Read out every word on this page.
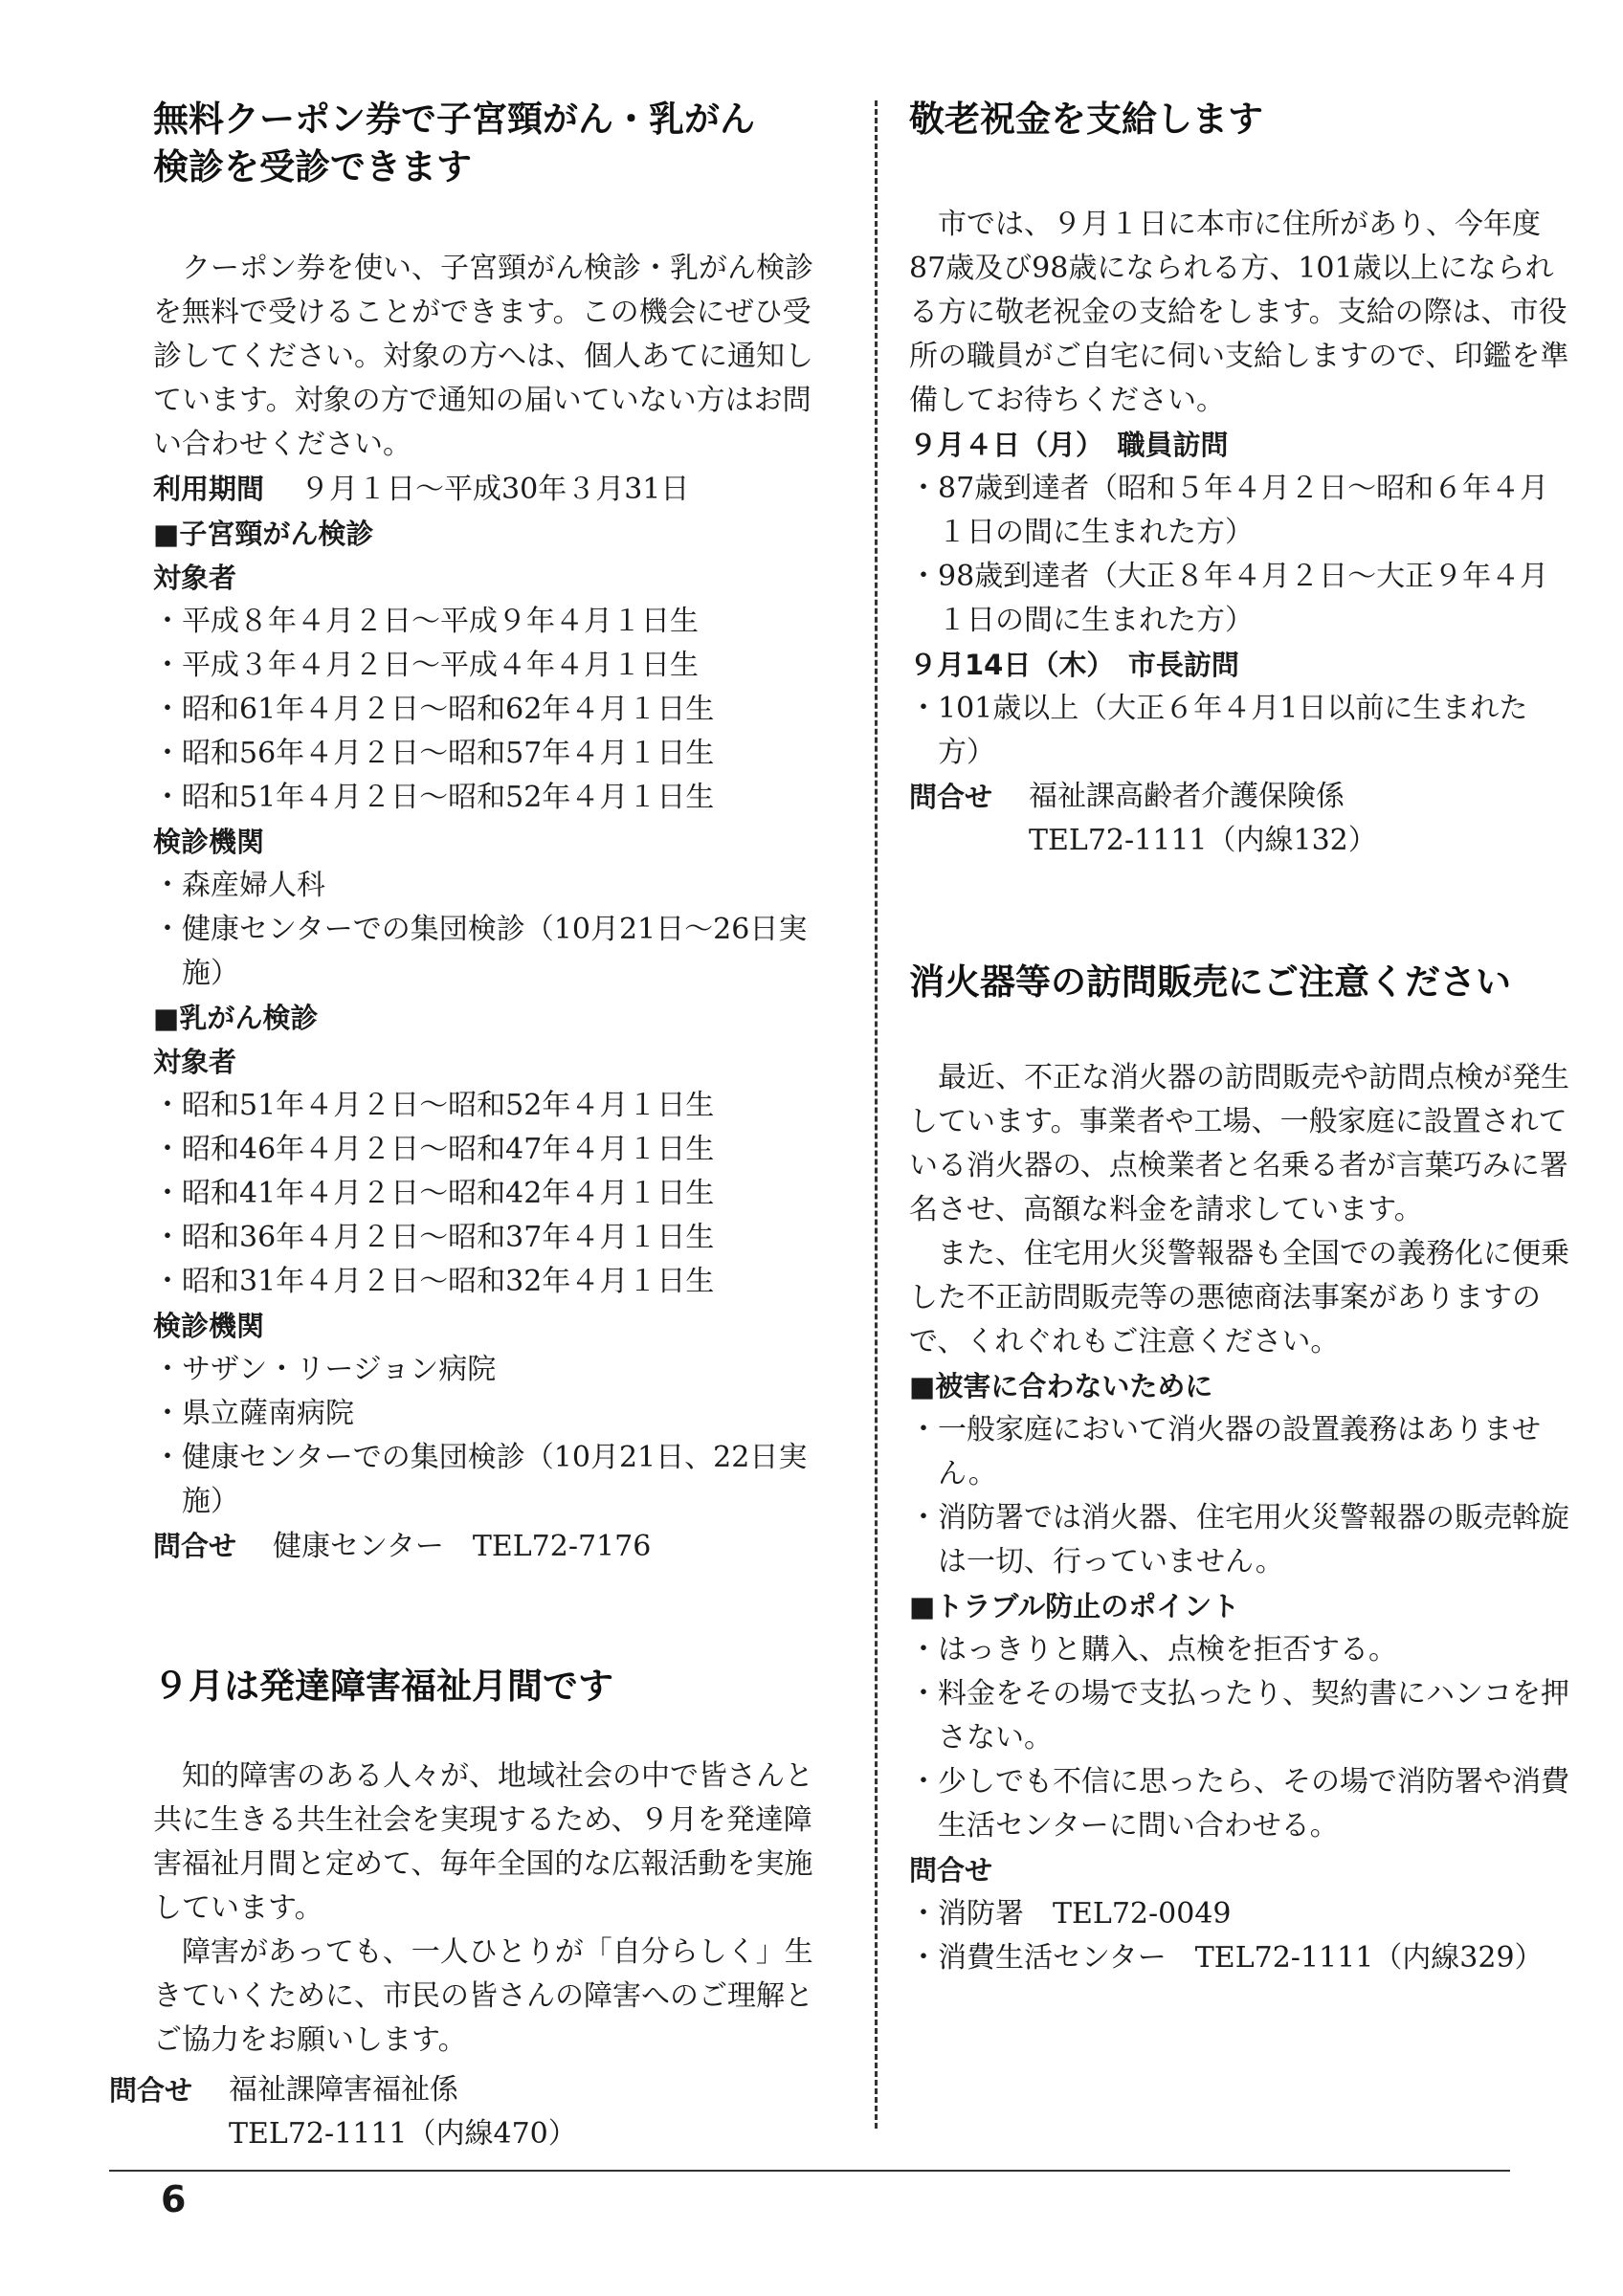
無料クーポン券で子宮頸がん・乳がん
検診を受診できます

クーポン券を使い、子宮頸がん検診・乳がん検診を無料で受けることができます。この機会にぜひ受診してください。対象の方へは、個人あてに通知しています。対象の方で通知の届いていない方はお問い合わせください。

利用期間 ９月１日～平成30年３月31日

■子宮頸がん検診

対象者

・平成８年４月２日～平成９年４月１日生
・平成３年４月２日～平成４年４月１日生
・昭和61年４月２日～昭和62年４月１日生
・昭和56年４月２日～昭和57年４月１日生
・昭和51年４月２日～昭和52年４月１日生

検診機関

・森産婦人科
・健康センターでの集団検診（10月21日～26日実施）

■乳がん検診

対象者

・昭和51年４月２日～昭和52年４月１日生
・昭和46年４月２日～昭和47年４月１日生
・昭和41年４月２日～昭和42年４月１日生
・昭和36年４月２日～昭和37年４月１日生
・昭和31年４月２日～昭和32年４月１日生

検診機関

・サザン・リージョン病院
・県立薩南病院
・健康センターでの集団検診（10月21日、22日実施）

問合せ 健康センター　TEL72-7176

９月は発達障害福祉月間です

知的障害のある人々が、地域社会の中で皆さんと共に生きる共生社会を実現するため、９月を発達障害福祉月間と定めて、毎年全国的な広報活動を実施しています。

障害があっても、一人ひとりが「自分らしく」生きていくために、市民の皆さんの障害へのご理解とご協力をお願いします。

問合せ 福祉課障害福祉係
TEL72-1111（内線470）
敬老祝金を支給します

市では、９月１日に本市に住所があり、今年度87歳及び98歳になられる方、101歳以上になられる方に敬老祝金の支給をします。支給の際は、市役所の職員がご自宅に伺い支給しますので、印鑑を準備してお待ちください。

９月４日（月）　職員訪問

・87歳到達者（昭和５年４月２日～昭和６年４月１日の間に生まれた方）
・98歳到達者（大正８年４月２日～大正９年４月１日の間に生まれた方）

９月14日（木）　市長訪問

・101歳以上（大正６年４月1日以前に生まれた方）
問合せ 福祉課高齢者介護保険係
TEL72-1111（内線132）
消火器等の訪問販売にご注意ください

最近、不正な消火器の訪問販売や訪問点検が発生しています。事業者や工場、一般家庭に設置されている消火器の、点検業者と名乗る者が言葉巧みに署名させ、高額な料金を請求しています。

また、住宅用火災警報器も全国での義務化に便乗した不正訪問販売等の悪徳商法事案がありますので、くれぐれもご注意ください。

■被害に合わないために

・一般家庭において消火器の設置義務はありません。
・消防署では消火器、住宅用火災警報器の販売斡旋は一切、行っていません。

■トラブル防止のポイント

・はっきりと購入、点検を拒否する。
・料金をその場で支払ったり、契約書にハンコを押さない。
・少しでも不信に思ったら、その場で消防署や消費生活センターに問い合わせる。

問合せ

・消防署　TEL72-0049
・消費生活センター　TEL72-1111（内線329）
6
